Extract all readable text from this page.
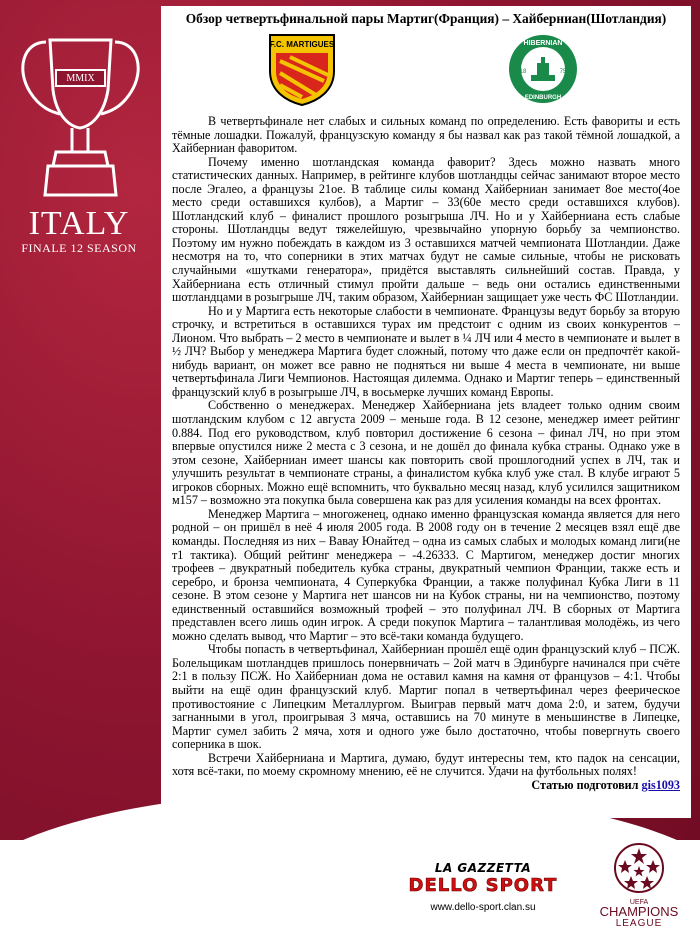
MMIX
ITALY
FINALE 12 SEASON
Обзор четвертьфинальной пары Мартиг(Франция) – Хайберниан(Шотландия)
F.C. MARTIGUES	HIBERNIAN
EDINBURGH
18	75

В четвертьфинале нет слабых и сильных команд по определению. Есть фавориты и есть тёмные лошадки. Пожалуй, французскую команду я бы назвал как раз такой тёмной лошадкой, а Хайберниан фаворитом.

Почему именно шотландская команда фаворит? Здесь можно назвать много статистических данных. Например, в рейтинге клубов шотландцы сейчас занимают второе место после Эгалео, а французы 21ое. В таблице силы команд Хайберниан занимает 8ое место(4ое место среди оставшихся кулбов), а Мартиг – 33(60е место среди оставшихся клубов). Шотландский клуб – финалист прошлого розыгрыша ЛЧ. Но и у Хайберниана есть слабые стороны. Шотландцы ведут тяжелейшую, чрезвычайно упорную борьбу за чемпионство. Поэтому им нужно побеждать в каждом из 3 оставшихся матчей чемпионата Шотландии. Даже несмотря на то, что соперники в этих матчах будут не самые сильные, чтобы не рисковать случайными «шутками генератора», придётся выставлять сильнейший состав. Правда, у Хайберниана есть отличный стимул пройти дальше – ведь они остались единственными шотландцами в розыгрыше ЛЧ, таким образом, Хайберниан защищает уже честь ФС Шотландии.

Но и у Мартига есть некоторые слабости в чемпионате. Французы ведут борьбу за вторую строчку, и встретиться в оставшихся турах им предстоит с одним из своих конкурентов – Лионом. Что выбрать – 2 место в чемпионате и вылет в ¼ ЛЧ или 4 место в чемпионате и вылет в ½ ЛЧ? Выбор у менеджера Мартига будет сложный, потому что даже если он предпочтёт какой-нибудь вариант, он может все равно не подняться ни выше 4 места в чемпионате, ни выше четвертьфинала Лиги Чемпионов. Настоящая дилемма. Однако и Мартиг теперь – единственный французский клуб в розыгрыше ЛЧ, в восьмерке лучших команд Европы.

Собственно о менеджерах. Менеджер Хайберниана jets владеет только одним своим шотландским клубом с 12 августа 2009 – меньше года. В 12 сезоне, менеджер имеет рейтинг 0.884. Под его руководством, клуб повторил достижение 6 сезона – финал ЛЧ, но при этом впервые опустился ниже 2 места с 3 сезона, и не дошёл до финала кубка страны. Однако уже в этом сезоне, Хайберниан имеет шансы как повторить свой прошлогодний успех в ЛЧ, так и улучшить результат в чемпионате страны, а финалистом кубка клуб уже стал. В клубе играют 5 игроков сборных. Можно ещё вспомнить, что буквально месяц назад, клуб усилился защитником м157 – возможно эта покупка была совершена как раз для усиления команды на всех фронтах.

Менеджер Мартига – многоженец, однако именно французская команда является для него родной – он пришёл в неё 4 июля 2005 года. В 2008 году он в течение 2 месяцев взял ещё две команды. Последняя из них – Вавау Юнайтед – одна из самых слабых и молодых команд лиги(не т1 тактика). Общий рейтинг менеджера – -4.26333. С Мартигом, менеджер достиг многих трофеев – двукратный победитель кубка страны, двукратный чемпион Франции, также есть и серебро, и бронза чемпионата, 4 Суперкубка Франции, а также полуфинал Кубка Лиги в 11 сезоне. В этом сезоне у Мартига нет шансов ни на Кубок страны, ни на чемпионство, поэтому единственный оставшийся возможный трофей – это полуфинал ЛЧ. В сборных от Мартига представлен всего лишь один игрок. А среди покупок Мартига – талантливая молодёжь, из чего можно сделать вывод, что Мартиг – это всё-таки команда будущего.

Чтобы попасть в четвертьфинал, Хайберниан прошёл ещё один французский клуб – ПСЖ. Болельщикам шотландцев пришлось понервничать – 2ой матч в Эдинбурге начинался при счёте 2:1 в пользу ПСЖ. Но Хайберниан дома не оставил камня на камня от французов – 4:1. Чтобы выйти на ещё один французский клуб. Мартиг попал в четвертьфинал через феерическое противостояние с Липецким Металлургом. Выиграв первый матч дома 2:0, и затем, будучи загнанными в угол, проигрывая 3 мяча, оставшись на 70 минуте в меньшинстве в Липецке, Мартиг сумел забить 2 мяча, хотя и одного уже было достаточно, чтобы повергнуть своего соперника в шок.

Встречи Хайберниана и Мартига, думаю, будут интересны тем, кто падок на сенсации, хотя всё-таки, по моему скромному мнению, её не случится. Удачи на футбольных полях!

Статью подготовил gis1093
LA GAZZETTA
DELLO SPORT
www.dello-sport.clan.su	UEFA
CHAMPIONS
LEAGUE
